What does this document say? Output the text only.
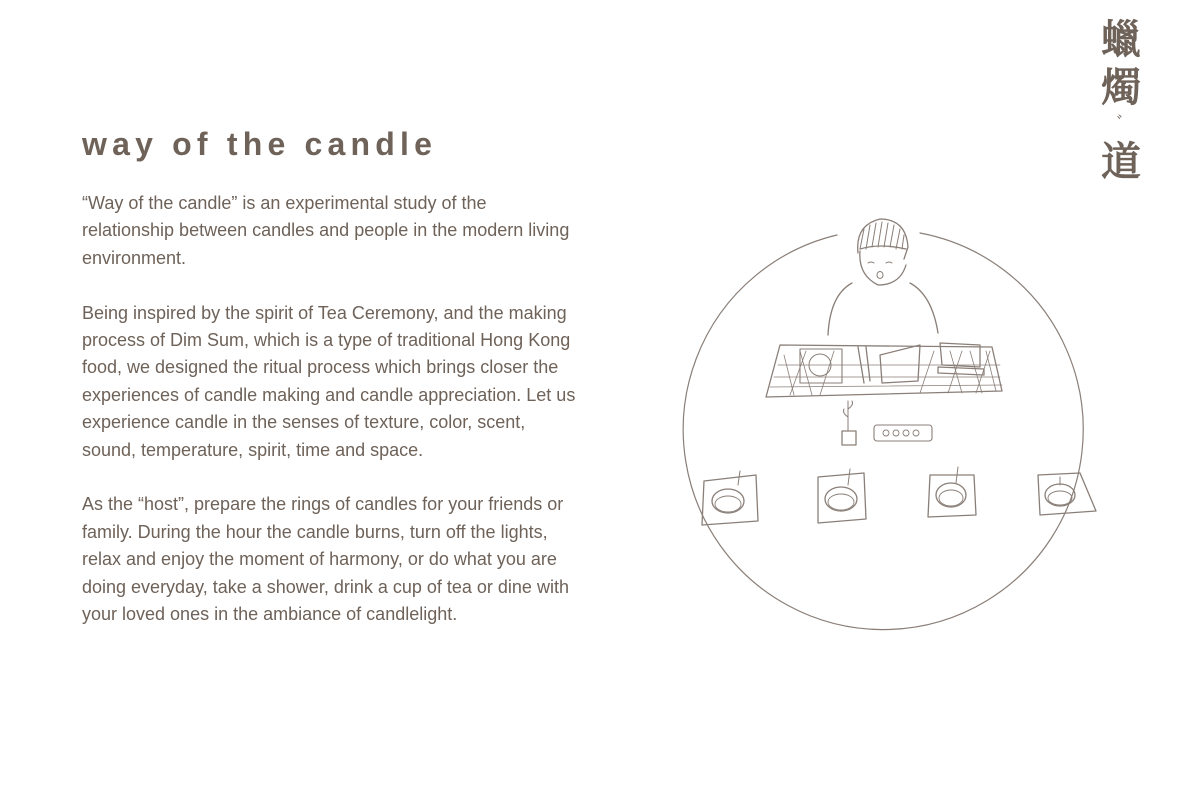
way of the candle

“Way of the candle” is an experimental study of the relationship between candles and people in the modern living environment.

Being inspired by the spirit of Tea Ceremony, and the making process of Dim Sum, which is a type of traditional Hong Kong food, we designed the ritual process which brings closer the experiences of candle making and candle appreciation. Let us experience candle in the senses of texture, color, scent, sound, temperature, spirit, time and space.

As the “host”, prepare the rings of candles for your friends or family. During the hour the candle burns, turn off the lights, relax and enjoy the moment of harmony, or do what you are doing everyday, take a shower, drink a cup of tea or dine with your loved ones in the ambiance of candlelight.

蠟
燭
ﾞ
道
